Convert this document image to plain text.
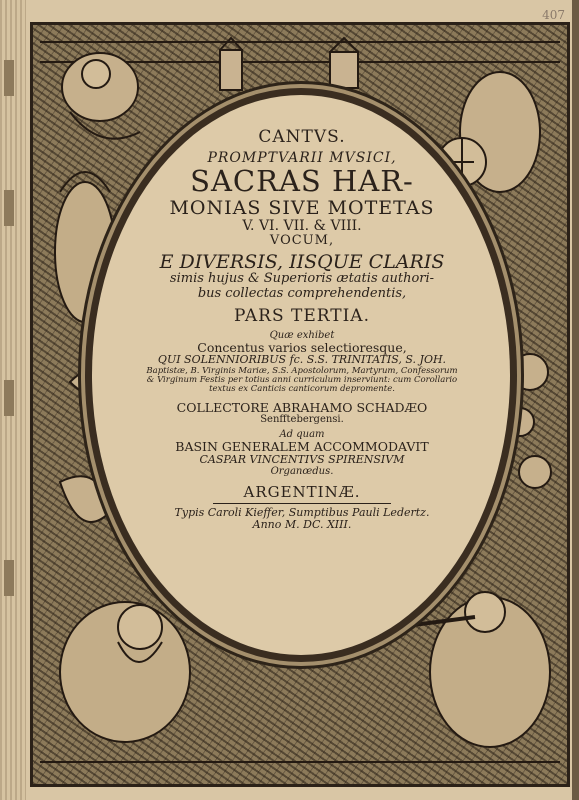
CANTVS.
PROMPTVARII MVSICI,
SACRAS HAR-
MONIAS SIVE MOTETAS
V. VI. VII. & VIII.
VOCUM,
E DIVERSIS, IISQUE CLARIS
simis hujus & Superioris ætatis authori-
bus collectas comprehendentis,
PARS TERTIA.
Quæ exhibet
Concentus varios selectioresque,
QUI SOLENNIORIBUS fc. S.S. TRINITATIS, S. JOH.
Baptistæ, B. Virginis Mariæ, S.S. Apostolorum, Martyrum, Confessorum
& Virginum Festis per totius anni curriculum inserviunt: cum Corollario
textus ex Canticis canticorum depromente.
COLLECTORE ABRAHAMO SCHADÆO
Senfftebergensi.
Ad quam
BASIN GENERALEM ACCOMMODAVIT
CASPAR VINCENTIVS SPIRENSIVM
Organœdus.
ARGENTINÆ.
Typis Caroli Kieffer, Sumptibus Pauli Ledertz.
Anno M. DC. XIII.
407
